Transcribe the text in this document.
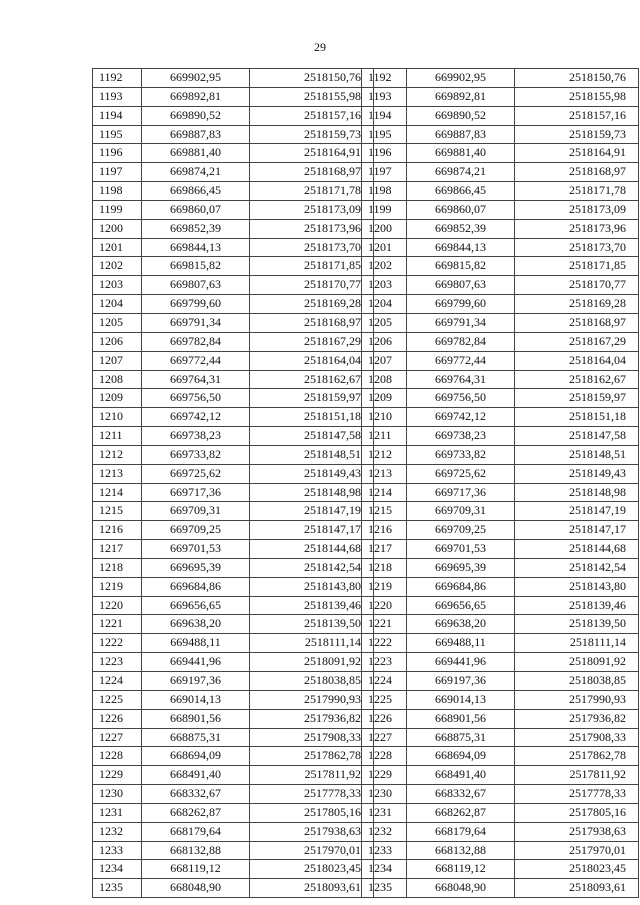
29
1192	669902,95	2518150,76
1193	669892,81	2518155,98
1194	669890,52	2518157,16
1195	669887,83	2518159,73
1196	669881,40	2518164,91
1197	669874,21	2518168,97
1198	669866,45	2518171,78
1199	669860,07	2518173,09
1200	669852,39	2518173,96
1201	669844,13	2518173,70
1202	669815,82	2518171,85
1203	669807,63	2518170,77
1204	669799,60	2518169,28
1205	669791,34	2518168,97
1206	669782,84	2518167,29
1207	669772,44	2518164,04
1208	669764,31	2518162,67
1209	669756,50	2518159,97
1210	669742,12	2518151,18
1211	669738,23	2518147,58
1212	669733,82	2518148,51
1213	669725,62	2518149,43
1214	669717,36	2518148,98
1215	669709,31	2518147,19
1216	669709,25	2518147,17
1217	669701,53	2518144,68
1218	669695,39	2518142,54
1219	669684,86	2518143,80
1220	669656,65	2518139,46
1221	669638,20	2518139,50
1222	669488,11	2518111,14
1223	669441,96	2518091,92
1224	669197,36	2518038,85
1225	669014,13	2517990,93
1226	668901,56	2517936,82
1227	668875,31	2517908,33
1228	668694,09	2517862,78
1229	668491,40	2517811,92
1230	668332,67	2517778,33
1231	668262,87	2517805,16
1232	668179,64	2517938,63
1233	668132,88	2517970,01
1234	668119,12	2518023,45
1235	668048,90	2518093,61
1192	669902,95	2518150,76
1193	669892,81	2518155,98
1194	669890,52	2518157,16
1195	669887,83	2518159,73
1196	669881,40	2518164,91
1197	669874,21	2518168,97
1198	669866,45	2518171,78
1199	669860,07	2518173,09
1200	669852,39	2518173,96
1201	669844,13	2518173,70
1202	669815,82	2518171,85
1203	669807,63	2518170,77
1204	669799,60	2518169,28
1205	669791,34	2518168,97
1206	669782,84	2518167,29
1207	669772,44	2518164,04
1208	669764,31	2518162,67
1209	669756,50	2518159,97
1210	669742,12	2518151,18
1211	669738,23	2518147,58
1212	669733,82	2518148,51
1213	669725,62	2518149,43
1214	669717,36	2518148,98
1215	669709,31	2518147,19
1216	669709,25	2518147,17
1217	669701,53	2518144,68
1218	669695,39	2518142,54
1219	669684,86	2518143,80
1220	669656,65	2518139,46
1221	669638,20	2518139,50
1222	669488,11	2518111,14
1223	669441,96	2518091,92
1224	669197,36	2518038,85
1225	669014,13	2517990,93
1226	668901,56	2517936,82
1227	668875,31	2517908,33
1228	668694,09	2517862,78
1229	668491,40	2517811,92
1230	668332,67	2517778,33
1231	668262,87	2517805,16
1232	668179,64	2517938,63
1233	668132,88	2517970,01
1234	668119,12	2518023,45
1235	668048,90	2518093,61
